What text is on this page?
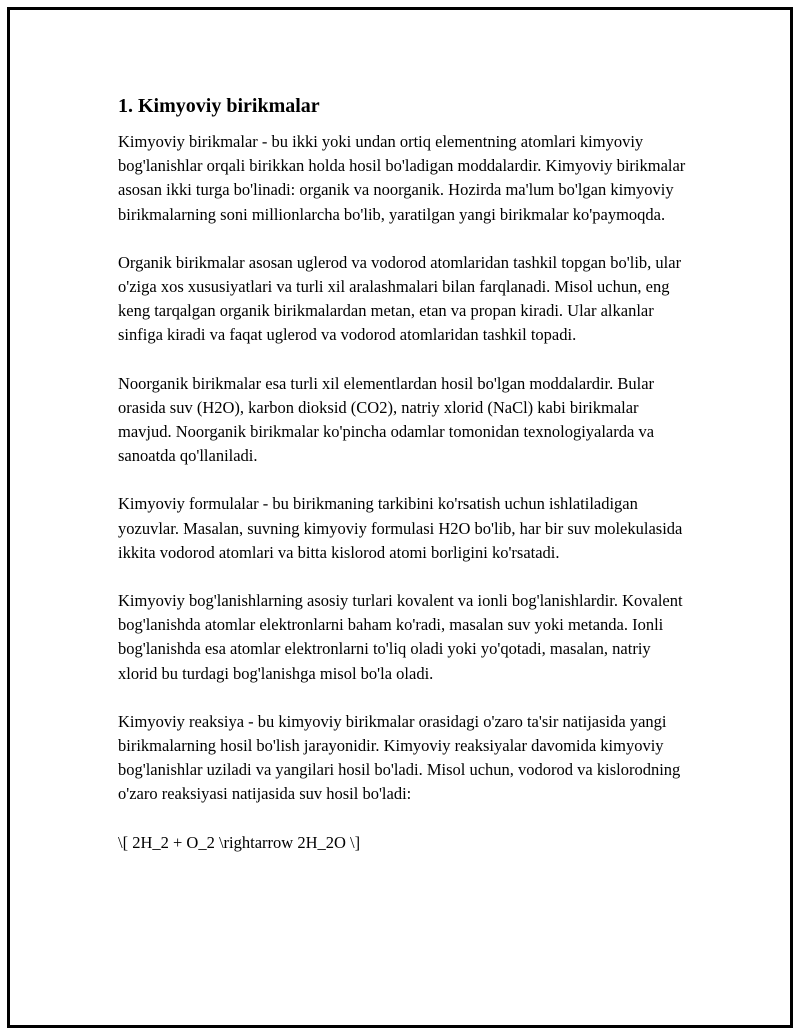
1. Kimyoviy birikmalar

Kimyoviy birikmalar - bu ikki yoki undan ortiq elementning atomlari kimyoviy bog'lanishlar orqali birikkan holda hosil bo'ladigan moddalardir. Kimyoviy birikmalar asosan ikki turga bo'linadi: organik va noorganik. Hozirda ma'lum bo'lgan kimyoviy birikmalarning soni millionlarcha bo'lib, yaratilgan yangi birikmalar ko'paymoqda.

Organik birikmalar asosan uglerod va vodorod atomlaridan tashkil topgan bo'lib, ular o'ziga xos xususiyatlari va turli xil aralashmalari bilan farqlanadi. Misol uchun, eng keng tarqalgan organik birikmalardan metan, etan va propan kiradi. Ular alkanlar sinfiga kiradi va faqat uglerod va vodorod atomlaridan tashkil topadi.

Noorganik birikmalar esa turli xil elementlardan hosil bo'lgan moddalardir. Bular orasida suv (H2O), karbon dioksid (CO2), natriy xlorid (NaCl) kabi birikmalar mavjud. Noorganik birikmalar ko'pincha odamlar tomonidan texnologiyalarda va sanoatda qo'llaniladi.

Kimyoviy formulalar - bu birikmaning tarkibini ko'rsatish uchun ishlatiladigan yozuvlar. Masalan, suvning kimyoviy formulasi H2O bo'lib, har bir suv molekulasida ikkita vodorod atomlari va bitta kislorod atomi borligini ko'rsatadi.

Kimyoviy bog'lanishlarning asosiy turlari kovalent va ionli bog'lanishlardir. Kovalent bog'lanishda atomlar elektronlarni baham ko'radi, masalan suv yoki metanda. Ionli bog'lanishda esa atomlar elektronlarni to'liq oladi yoki yo'qotadi, masalan, natriy xlorid bu turdagi bog'lanishga misol bo'la oladi.

Kimyoviy reaksiya - bu kimyoviy birikmalar orasidagi o'zaro ta'sir natijasida yangi birikmalarning hosil bo'lish jarayonidir. Kimyoviy reaksiyalar davomida kimyoviy bog'lanishlar uziladi va yangilari hosil bo'ladi. Misol uchun, vodorod va kislorodning o'zaro reaksiyasi natijasida suv hosil bo'ladi:

\[ 2H_2 + O_2 \rightarrow 2H_2O \]
